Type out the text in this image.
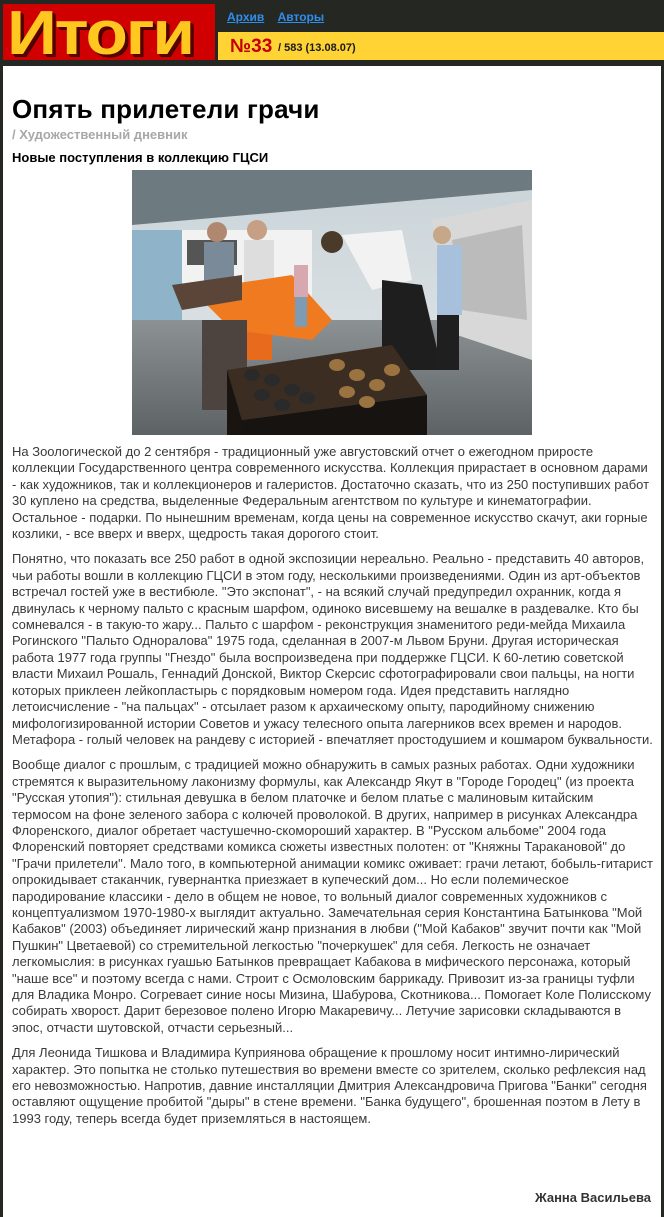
Итоги	Архив Авторы
№33 / 583 (13.08.07)
Опять прилетели грачи
/ Художественный дневник
Новые поступления в коллекцию ГЦСИ

На Зоологической до 2 сентября - традиционный уже августовский отчет о ежегодном приросте коллекции Государственного центра современного искусства. Коллекция прирастает в основном дарами - как художников, так и коллекционеров и галеристов. Достаточно сказать, что из 250 поступивших работ 30 куплено на средства, выделенные Федеральным агентством по культуре и кинематографии. Остальное - подарки. По нынешним временам, когда цены на современное искусство скачут, аки горные козлики, - все вверх и вверх, щедрость такая дорогого стоит.

Понятно, что показать все 250 работ в одной экспозиции нереально. Реально - представить 40 авторов, чьи работы вошли в коллекцию ГЦСИ в этом году, несколькими произведениями. Один из арт-объектов встречал гостей уже в вестибюле. "Это экспонат", - на всякий случай предупредил охранник, когда я двинулась к черному пальто с красным шарфом, одиноко висевшему на вешалке в раздевалке. Кто бы сомневался - в такую-то жару... Пальто с шарфом - реконструкция знаменитого реди-мейда Михаила Рогинского "Пальто Одноралова" 1975 года, сделанная в 2007-м Львом Бруни. Другая историческая работа 1977 года группы "Гнездо" была воспроизведена при поддержке ГЦСИ. К 60-летию советской власти Михаил Рошаль, Геннадий Донской, Виктор Скерсис сфотографировали свои пальцы, на ногти которых приклеен лейкопластырь с порядковым номером года. Идея представить наглядно летоисчисление - "на пальцах" - отсылает разом к архаическому опыту, пародийному снижению мифологизированной истории Советов и ужасу телесного опыта лагерников всех времен и народов. Метафора - голый человек на рандеву с историей - впечатляет простодушием и кошмаром буквальности.

Вообще диалог с прошлым, с традицией можно обнаружить в самых разных работах. Одни художники стремятся к выразительному лаконизму формулы, как Александр Якут в "Городе Городец" (из проекта "Русская утопия"): стильная девушка в белом платочке и белом платье с малиновым китайским термосом на фоне зеленого забора с колючей проволокой. В других, например в рисунках Александра Флоренского, диалог обретает частушечно-скомороший характер. В "Русском альбоме" 2004 года Флоренский повторяет средствами комикса сюжеты известных полотен: от "Княжны Таракановой" до "Грачи прилетели". Мало того, в компьютерной анимации комикс оживает: грачи летают, бобыль-гитарист опрокидывает стаканчик, гувернантка приезжает в купеческий дом... Но если полемическое пародирование классики - дело в общем не новое, то вольный диалог современных художников с концептуализмом 1970-1980-х выглядит актуально. Замечательная серия Константина Батынкова "Мой Кабаков" (2003) объединяет лирический жанр признания в любви ("Мой Кабаков" звучит почти как "Мой Пушкин" Цветаевой) со стремительной легкостью "почеркушек" для себя. Легкость не означает легкомыслия: в рисунках гуашью Батынков превращает Кабакова в мифического персонажа, который "наше все" и поэтому всегда с нами. Строит с Осмоловским баррикаду. Привозит из-за границы туфли для Владика Монро. Согревает синие носы Мизина, Шабурова, Скотникова... Помогает Коле Полисскому собирать хворост. Дарит березовое полено Игорю Макаревичу... Летучие зарисовки складываются в эпос, отчасти шутовской, отчасти серьезный...

Для Леонида Тишкова и Владимира Куприянова обращение к прошлому носит интимно-лирический характер. Это попытка не столько путешествия во времени вместе со зрителем, сколько рефлексия над его невозможностью. Напротив, давние инсталляции Дмитрия Александровича Пригова "Банки" сегодня оставляют ощущение пробитой "дыры" в стене времени. "Банка будущего", брошенная поэтом в Лету в 1993 году, теперь всегда будет приземляться в настоящем.

Жанна Васильева
